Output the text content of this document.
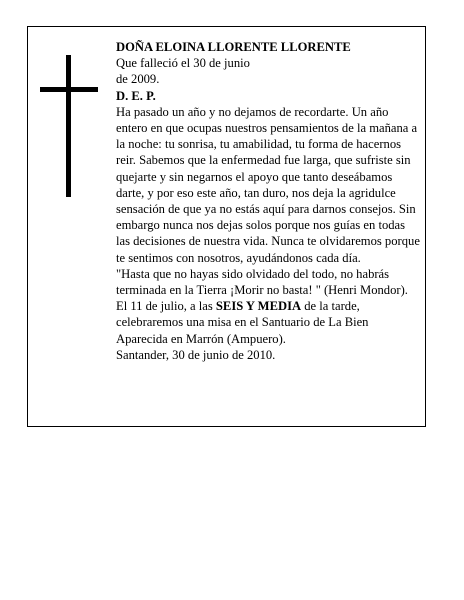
DOÑA ELOINA LLORENTE LLORENTE

Que falleció el 30 de junio

de 2009.

D. E. P.

Ha pasado un año y no dejamos de recordarte. Un año entero en que ocupas nuestros pensamientos de la mañana a la noche: tu sonrisa, tu amabilidad, tu forma de hacernos reir. Sabemos que la enfermedad fue larga, que sufriste sin quejarte y sin negarnos el apoyo que tanto deseábamos darte, y por eso este año, tan duro, nos deja la agridulce sensación de que ya no estás aquí para darnos consejos. Sin embargo nunca nos dejas solos porque nos guías en todas las decisiones de nuestra vida. Nunca te olvidaremos porque te sentimos con nosotros, ayudándonos cada día.

"Hasta que no hayas sido olvidado del todo, no habrás terminada en la Tierra ¡Morir no basta! " (Henri Mondor).

El 11 de julio, a las SEIS Y MEDIA de la tarde, celebraremos una misa en el Santuario de La Bien Aparecida en Marrón (Ampuero).

Santander, 30 de junio de 2010.
